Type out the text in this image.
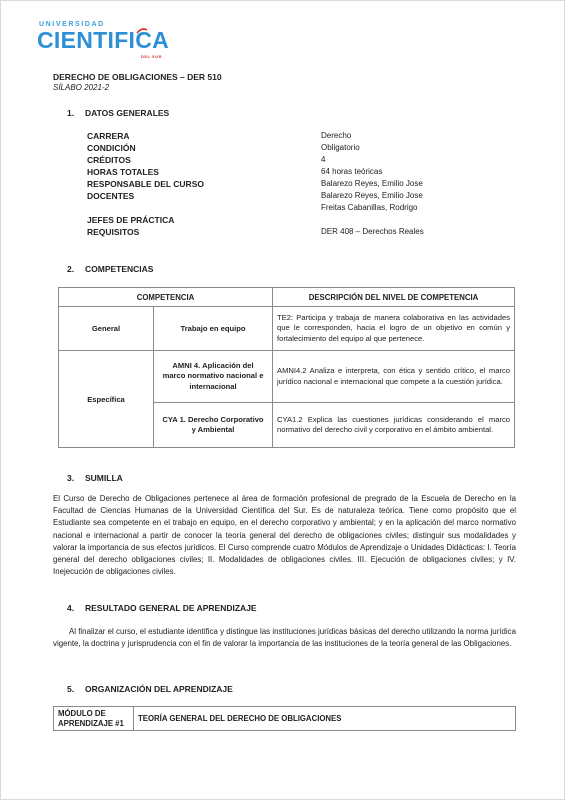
UNIVERSIDAD
CIENTIFICA
DEL SUR
DERECHO DE OBLIGACIONES – DER 510
SÍLABO 2021-2
1. DATOS GENERALES
CARRERA	Derecho
CONDICIÓN	Obligatorio
CRÉDITOS	4
HORAS TOTALES	64 horas teóricas
RESPONSABLE DEL CURSO	Balarezo Reyes, Emilio Jose
DOCENTES	Balarezo Reyes, Emilio Jose
Freitas Cabanillas, Rodrigo
JEFES DE PRÁCTICA
REQUISITOS	DER 408 – Derechos Reales
2. COMPETENCIAS
COMPETENCIA		DESCRIPCIÓN DEL NIVEL DE COMPETENCIA
General	Trabajo en equipo	TE2: Participa y trabaja de manera colaborativa en las actividades que le corresponden, hacia el logro de un objetivo en común y fortalecimiento del equipo al que pertenece.
Específica	AMNI 4. Aplicación del marco normativo nacional e internacional	AMNI4.2 Analiza e interpreta, con ética y sentido crítico, el marco jurídico nacional e internacional que compete a la cuestión jurídica.
	CYA 1. Derecho Corporativo y Ambiental	CYA1.2 Explica las cuestiones jurídicas considerando el marco normativo del derecho civil y corporativo en el ámbito ambiental.
3. SUMILLA
El Curso de Derecho de Obligaciones pertenece al área de formación profesional de pregrado de la Escuela de Derecho en la Facultad de Ciencias Humanas de la Universidad Científica del Sur. Es de naturaleza teórica. Tiene como propósito que el Estudiante sea competente en el trabajo en equipo, en el derecho corporativo y ambiental; y en la aplicación del marco normativo nacional e internacional a partir de conocer la teoría general del derecho de obligaciones civiles; distinguir sus modalidades y valorar la importancia de sus efectos jurídicos. El Curso comprende cuatro Módulos de Aprendizaje o Unidades Didácticas: I. Teoría general del derecho obligaciones civiles; II. Modalidades de obligaciones civiles. III. Ejecución de obligaciones civiles; y IV. Inejecución de obligaciones civiles.
4. RESULTADO GENERAL DE APRENDIZAJE
Al finalizar el curso, el estudiante identifica y distingue las instituciones jurídicas básicas del derecho utilizando la norma jurídica vigente, la doctrina y jurisprudencia con el fin de valorar la importancia de las instituciones de la teoría general de las Obligaciones.
5. ORGANIZACIÓN DEL APRENDIZAJE
MÓDULO DE APRENDIZAJE #1	TEORÍA GENERAL DEL DERECHO DE OBLIGACIONES
